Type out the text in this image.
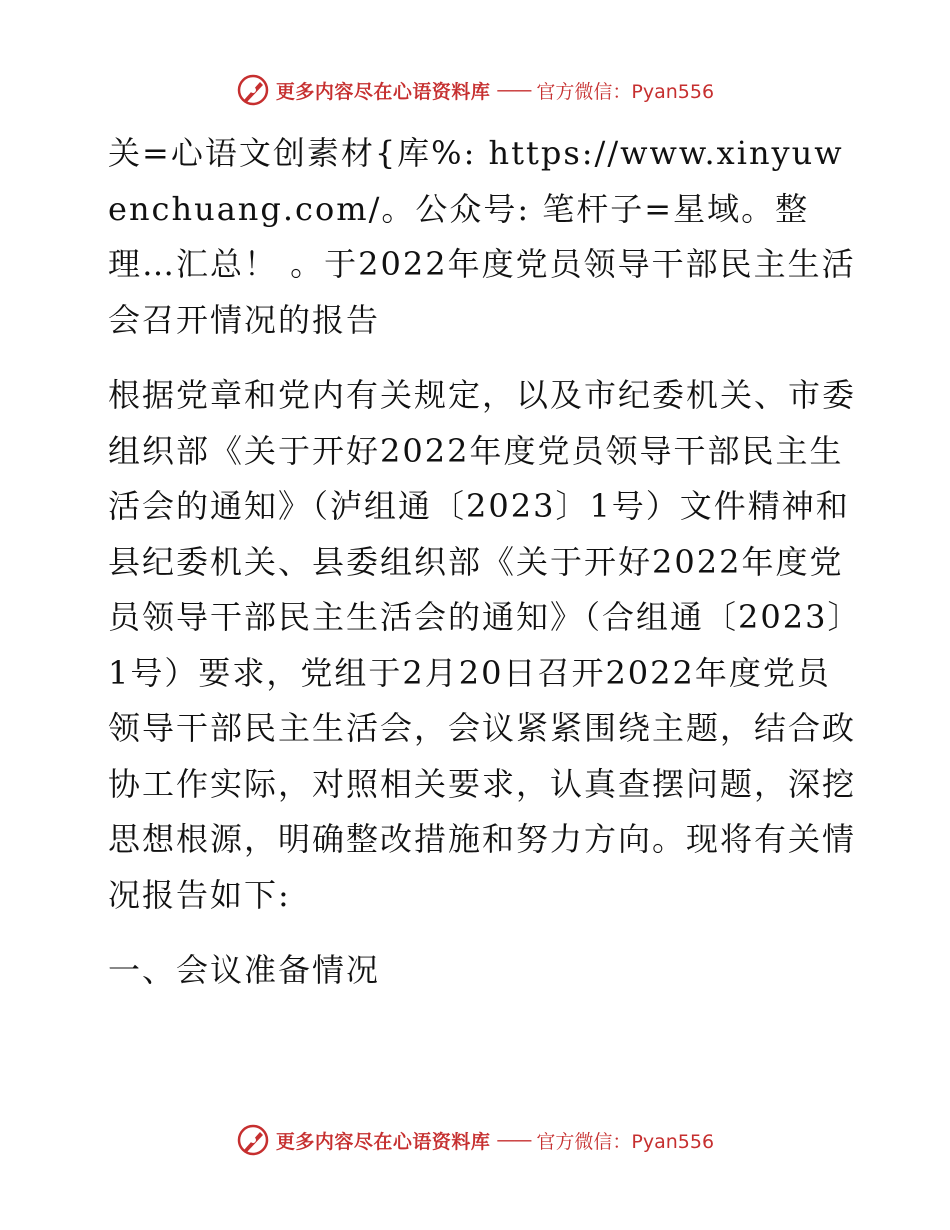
更多内容尽在心语资料库 —— 官方微信：Pyan556

关=心语文创素材{库%: https://www.xinyuwenchuang.com/。公众号: 笔杆子=星域。整理…汇总！ 。于2022年度党员领导干部民主生活会召开情况的报告

根据党章和党内有关规定，以及市纪委机关、市委组织部《关于开好2022年度党员领导干部民主生活会的通知》（泸组通〔2023〕1号）文件精神和县纪委机关、县委组织部《关于开好2022年度党员领导干部民主生活会的通知》（合组通〔2023〕1号）要求，党组于2月20日召开2022年度党员领导干部民主生活会，会议紧紧围绕主题，结合政协工作实际，对照相关要求，认真查摆问题，深挖思想根源，明确整改措施和努力方向。现将有关情况报告如下:

一、会议准备情况

更多内容尽在心语资料库 —— 官方微信：Pyan556
